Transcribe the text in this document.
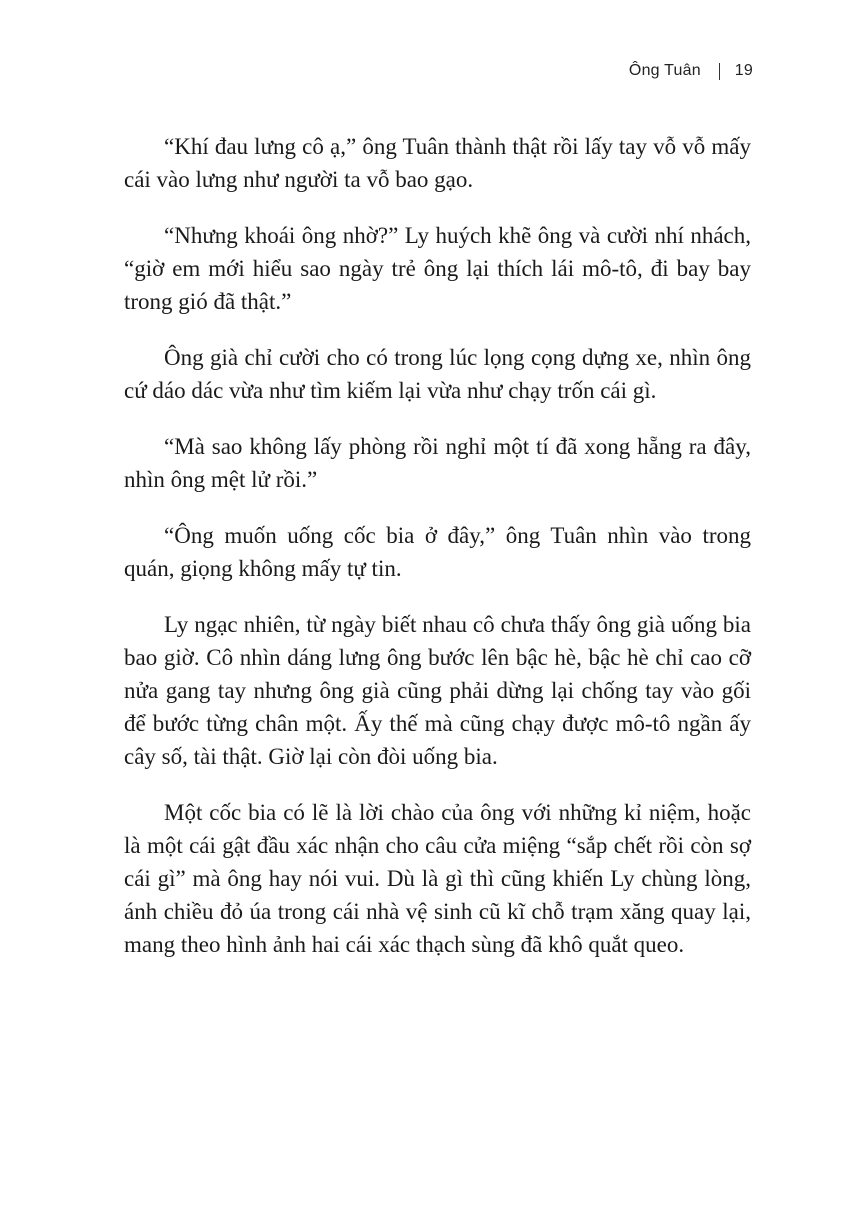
Ông Tuân 19

“Khí đau lưng cô ạ,” ông Tuân thành thật rồi lấy tay vỗ vỗ mấy cái vào lưng như người ta vỗ bao gạo.

“Nhưng khoái ông nhờ?” Ly huých khẽ ông và cười nhí nhách, “giờ em mới hiểu sao ngày trẻ ông lại thích lái mô-tô, đi bay bay trong gió đã thật.”

Ông già chỉ cười cho có trong lúc lọng cọng dựng xe, nhìn ông cứ dáo dác vừa như tìm kiếm lại vừa như chạy trốn cái gì.

“Mà sao không lấy phòng rồi nghỉ một tí đã xong hẵng ra đây, nhìn ông mệt lử rồi.”

“Ông muốn uống cốc bia ở đây,” ông Tuân nhìn vào trong quán, giọng không mấy tự tin.

Ly ngạc nhiên, từ ngày biết nhau cô chưa thấy ông già uống bia bao giờ. Cô nhìn dáng lưng ông bước lên bậc hè, bậc hè chỉ cao cỡ nửa gang tay nhưng ông già cũng phải dừng lại chống tay vào gối để bước từng chân một. Ấy thế mà cũng chạy được mô-tô ngần ấy cây số, tài thật. Giờ lại còn đòi uống bia.

Một cốc bia có lẽ là lời chào của ông với những kỉ niệm, hoặc là một cái gật đầu xác nhận cho câu cửa miệng “sắp chết rồi còn sợ cái gì” mà ông hay nói vui. Dù là gì thì cũng khiến Ly chùng lòng, ánh chiều đỏ úa trong cái nhà vệ sinh cũ kĩ chỗ trạm xăng quay lại, mang theo hình ảnh hai cái xác thạch sùng đã khô quắt queo.
